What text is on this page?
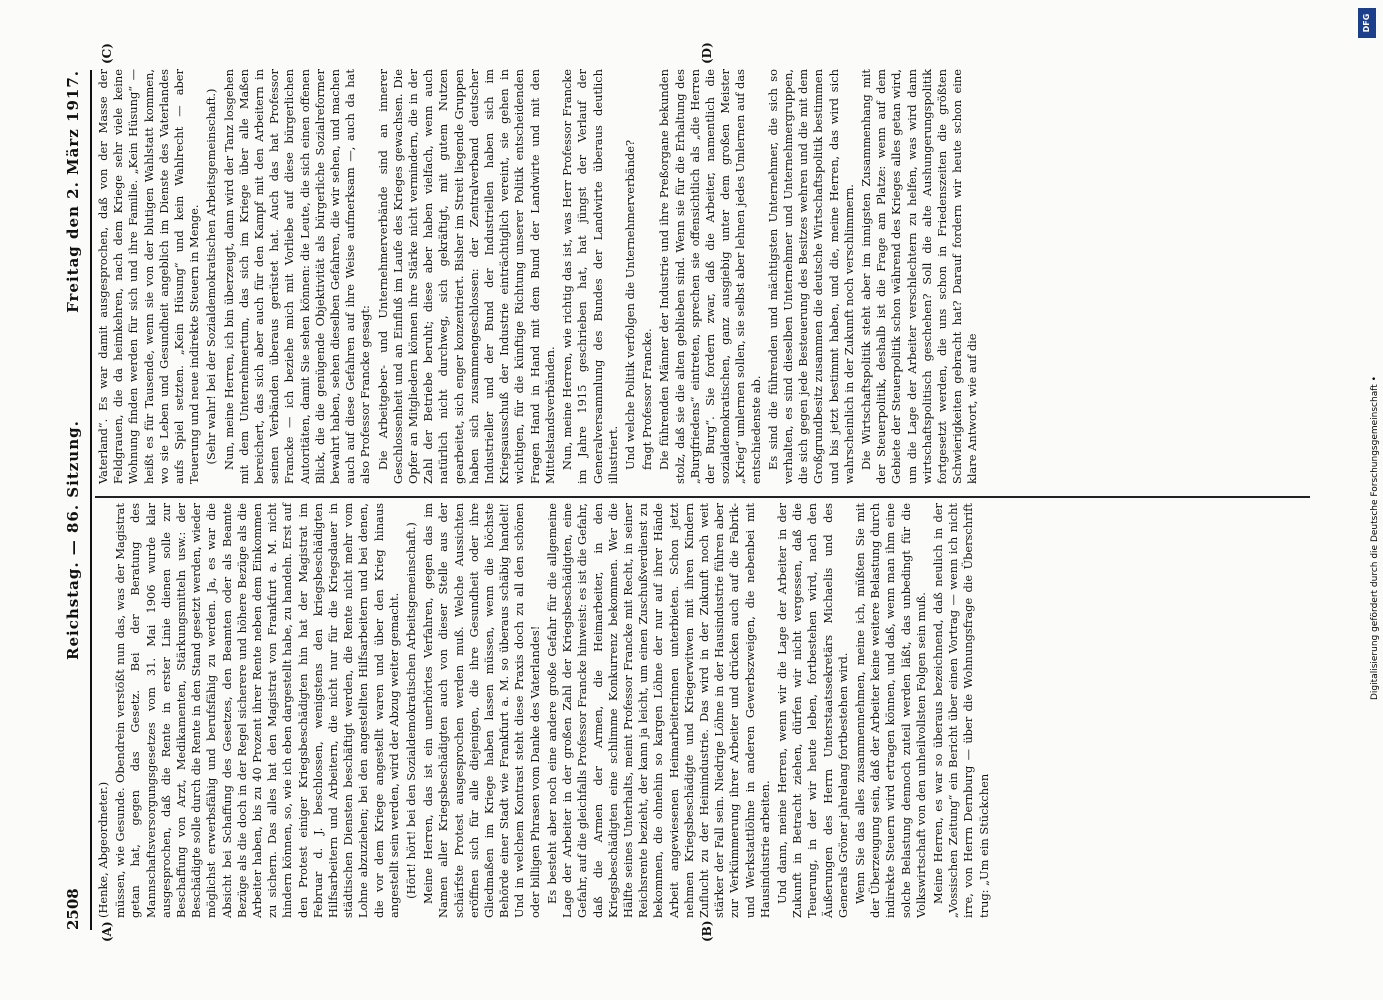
2508
Reichstag. — 86. Sitzung.
Freitag den 2. März 1917.
(A)	(B)
(C)	(D)

(Henke, Abgeordneter.) müssen, wie Gesunde. Obendrein verstößt nun das, was der Magistrat getan hat, gegen das Gesetz. Bei der Beratung des Mannschaftsversorgungsgesetzes vom 31. Mai 1906 wurde klar ausgesprochen, daß die Rente in erster Linie dienen solle zur Beschaffung von Arzt, Medikamenten, Stärkungsmitteln usw.: der Beschädigte solle durch die Rente in den Stand gesetzt werden, wieder möglichst erwerbsfähig und berufsfähig zu werden. Ja, es war die Absicht bei Schaffung des Gesetzes, den Beamten oder als Beamte Bezüge als die doch in der Regel sicherere und höhere Bezüge als die Arbeiter haben, bis zu 40 Prozent ihrer Rente neben dem Einkommen zu sichern. Das alles hat den Magistrat von Frankfurt a. M. nicht hindern können, so, wie ich eben dargestellt habe, zu handeln. Erst auf den Protest einiger Kriegsbeschädigten hin hat der Magistrat im Februar d. J. beschlossen, wenigstens den kriegsbeschädigten Hilfsarbeitern und Arbeitern, die nicht nur für die Kriegsdauer in städtischen Diensten beschäftigt werden, die Rente nicht mehr vom Lohne abzuziehen; bei den angestellten Hilfsarbeitern und bei denen, die vor dem Kriege angestellt waren und über den Krieg hinaus angestellt sein werden, wird der Abzug weiter gemacht. (Hört! hört! bei den Sozialdemokratischen Arbeitsgemeinschaft.) Meine Herren, das ist ein unerhörtes Verfahren, gegen das im Namen aller Kriegsbeschädigten auch von dieser Stelle aus der schärfste Protest ausgesprochen werden muß. Welche Aussichten eröffnen sich für alle diejenigen, die ihre Gesundheit oder ihre Gliedmaßen im Kriege haben lassen müssen, wenn die höchste Behörde einer Stadt wie Frankfurt a. M. so überaus schäbig handelt! Und in welchem Kontrast steht diese Praxis doch zu all den schönen oder billigen Phrasen vom Danke des Vaterlandes! Es besteht aber noch eine andere große Gefahr für die allgemeine Lage der Arbeiter in der großen Zahl der Kriegsbeschädigten, eine Gefahr, auf die gleichfalls Professor Francke hinweist: es ist die Gefahr, daß die Armen der Armen, die Heimarbeiter, in den Kriegsbeschädigten eine schlimme Konkurrenz bekommen. Wer die Hälfte seines Unterhalts, meint Professor Francke mit Recht, in seiner Reichsrente bezieht, der kann ja leicht, um einen Zuschußverdienst zu bekommen, die ohnehin so kargen Löhne der nur auf ihrer Hände Arbeit angewiesenen Heimarbeiterinnen unterbieten. Schon jetzt nehmen Kriegsbeschädigte und Kriegerwitwen mit ihren Kindern Zuflucht zu der Heimindustrie. Das wird in der Zukunft noch weit stärker der Fall sein. Niedrige Löhne in der Hausindustrie führen aber zur Verkümmerung ihrer Arbeiter und drücken auch auf die Fabrik- und Werkstattlöhne in anderen Gewerbszweigen, die nebenbei mit Hausindustrie arbeiten. Und dann, meine Herren, wenn wir die Lage der Arbeiter in der Zukunft in Betracht ziehen, dürfen wir nicht vergessen, daß die Teuerung, in der wir heute leben, fortbestehen wird, nach den Äußerungen des Herrn Unterstaatssekretärs Michaelis und des Generals Gröner jahrelang fortbestehen wird. Wenn Sie das alles zusammennehmen, meine ich, müßten Sie mit der Überzeugung sein, daß der Arbeiter keine weitere Belastung durch indirekte Steuern wird ertragen können, und daß, wenn man ihm eine solche Belastung dennoch zuteil werden läßt, das unbedingt für die Volkswirtschaft von den unheilvollsten Folgen sein muß. Meine Herren, es war so überaus bezeichnend, daß neulich in der „Vossischen Zeitung“ ein Bericht über einen Vortrag — wenn ich nicht irre, von Herrn Dernburg — über die Wohnungsfrage die Überschrift trug: „Um ein Stückchen

Vaterland“. Es war damit ausgesprochen, daß von der Masse der Feldgrauen, die da heimkehren, nach dem Kriege sehr viele keine Wohnung finden werden für sich und ihre Familie. „Kein Hüsung“ — heißt es für Tausende, wenn sie von der blutigen Wahlstatt kommen, wo sie Leben und Gesundheit angeblich im Dienste des Vaterlandes aufs Spiel setzten. „Kein Hüsung“ und kein Wahlrecht — aber Teuerung und neue indirekte Steuern in Menge. (Sehr wahr! bei der Sozialdemokratischen Arbeitsgemeinschaft.) Nun, meine Herren, ich bin überzeugt, dann wird der Tanz losgehen mit dem Unternehmertum, das sich im Kriege über alle Maßen bereichert, das sich aber auch für den Kampf mit den Arbeitern in seinen Verbänden überaus gerüstet hat. Auch das hat Professor Francke — ich beziehe mich mit Vorliebe auf diese bürgerlichen Autoritäten, damit Sie sehen können: die Leute, die sich einen offenen Blick, die die genügende Objektivität als bürgerliche Sozialreformer bewahrt haben, sehen dieselben Gefahren, die wir sehen, und machen auch auf diese Gefahren auf ihre Weise aufmerksam —, auch da hat also Professor Francke gesagt: Die Arbeitgeber- und Unternehmerverbände sind an innerer Geschlossenheit und an Einfluß im Laufe des Krieges gewachsen. Die Opfer an Mitgliedern können ihre Stärke nicht vermindern, die in der Zahl der Betriebe beruht; diese aber haben vielfach, wenn auch natürlich nicht durchweg, sich gekräftigt, mit gutem Nutzen gearbeitet, sich enger konzentriert. Bisher im Streit liegende Gruppen haben sich zusammengeschlossen: der Zentralverband deutscher Industrieller und der Bund der Industriellen haben sich im Kriegsausschuß der Industrie einträchtiglich vereint, sie gehen in wichtigen, für die künftige Richtung unserer Politik entscheidenden Fragen Hand in Hand mit dem Bund der Landwirte und mit den Mittelstandsverbänden. Nun, meine Herren, wie richtig das ist, was Herr Professor Francke im Jahre 1915 geschrieben hat, hat jüngst der Verlauf der Generalversammlung des Bundes der Landwirte überaus deutlich illustriert. Und welche Politik verfolgen die Unternehmerverbände? fragt Professor Francke. Die führenden Männer der Industrie und ihre Preßorgane bekunden stolz, daß sie die alten geblieben sind. Wenn sie für die Erhaltung des „Burgfriedens“ eintreten, sprechen sie offensichtlich als „die Herren der Burg“. Sie fordern zwar, daß die Arbeiter, namentlich die sozialdemokratischen, ganz ausgiebig unter dem großen Meister „Krieg“ umlernen sollen, sie selbst aber lehnen jedes Umlernen auf das entschiedenste ab. Es sind die führenden und mächtigsten Unternehmer, die sich so verhalten, es sind dieselben Unternehmer und Unternehmergruppen, die sich gegen jede Besteuerung des Besitzes wehren und die mit dem Großgrundbesitz zusammen die deutsche Wirtschaftspolitik bestimmen und bis jetzt bestimmt haben, und die, meine Herren, das wird sich wahrscheinlich in der Zukunft noch verschlimmern. Die Wirtschaftspolitik steht aber im innigsten Zusammenhang mit der Steuerpolitik, deshalb ist die Frage am Platze: wenn auf dem Gebiete der Steuerpolitik schon während des Krieges alles getan wird, um die Lage der Arbeiter verschlechtern zu helfen, was wird dann wirtschaftspolitisch geschehen? Soll die alte Aushungerungspolitik fortgesetzt werden, die uns schon in Friedenszeiten die größten Schwierigkeiten gebracht hat? Darauf fordern wir heute schon eine klare Antwort, wie auf die	Digitalisierung gefördert durch die Deutsche Forschungsgemeinschaft •
DFG
